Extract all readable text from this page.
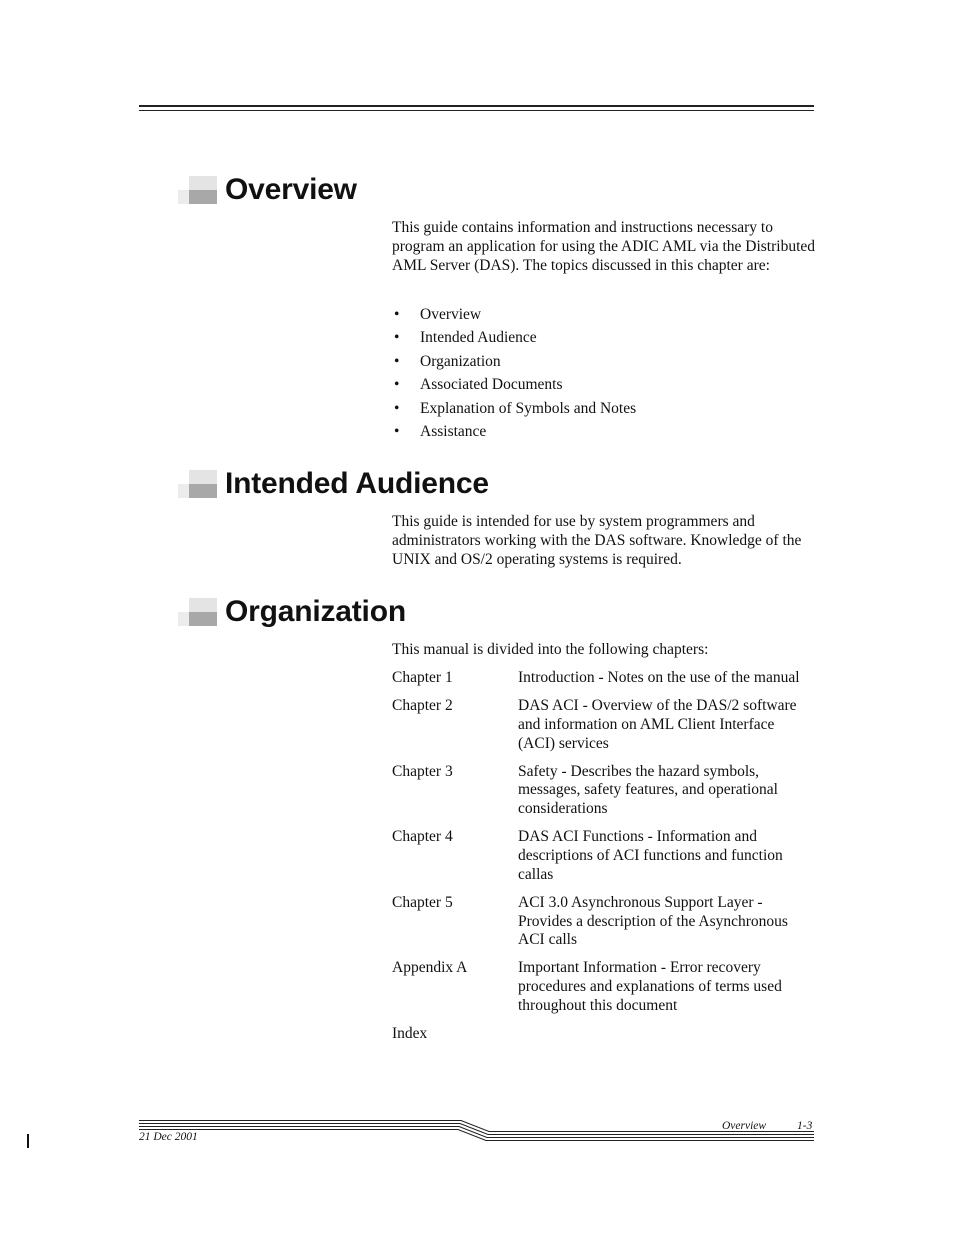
Overview
This guide contains information and instructions necessary to program an application for using the ADIC AML via the Distributed AML Server (DAS). The topics discussed in this chapter are:
• Overview
• Intended Audience
• Organization
• Associated Documents
• Explanation of Symbols and Notes
• Assistance
Intended Audience
This guide is intended for use by system programmers and administrators working with the DAS software. Knowledge of the UNIX and OS/2 operating systems is required.
Organization
This manual is divided into the following chapters:
Chapter 1	Introduction - Notes on the use of the manual
Chapter 2	DAS ACI - Overview of the DAS/2 software and information on AML Client Interface (ACI) services
Chapter 3	Safety - Describes the hazard symbols, messages, safety features, and operational considerations
Chapter 4	DAS ACI Functions - Information and descriptions of ACI functions and function callas
Chapter 5	ACI 3.0 Asynchronous Support Layer - Provides a description of the Asynchronous ACI calls
Appendix A	Important Information - Error recovery procedures and explanations of terms used throughout this document
Index
Overview	1-3
21 Dec 2001
